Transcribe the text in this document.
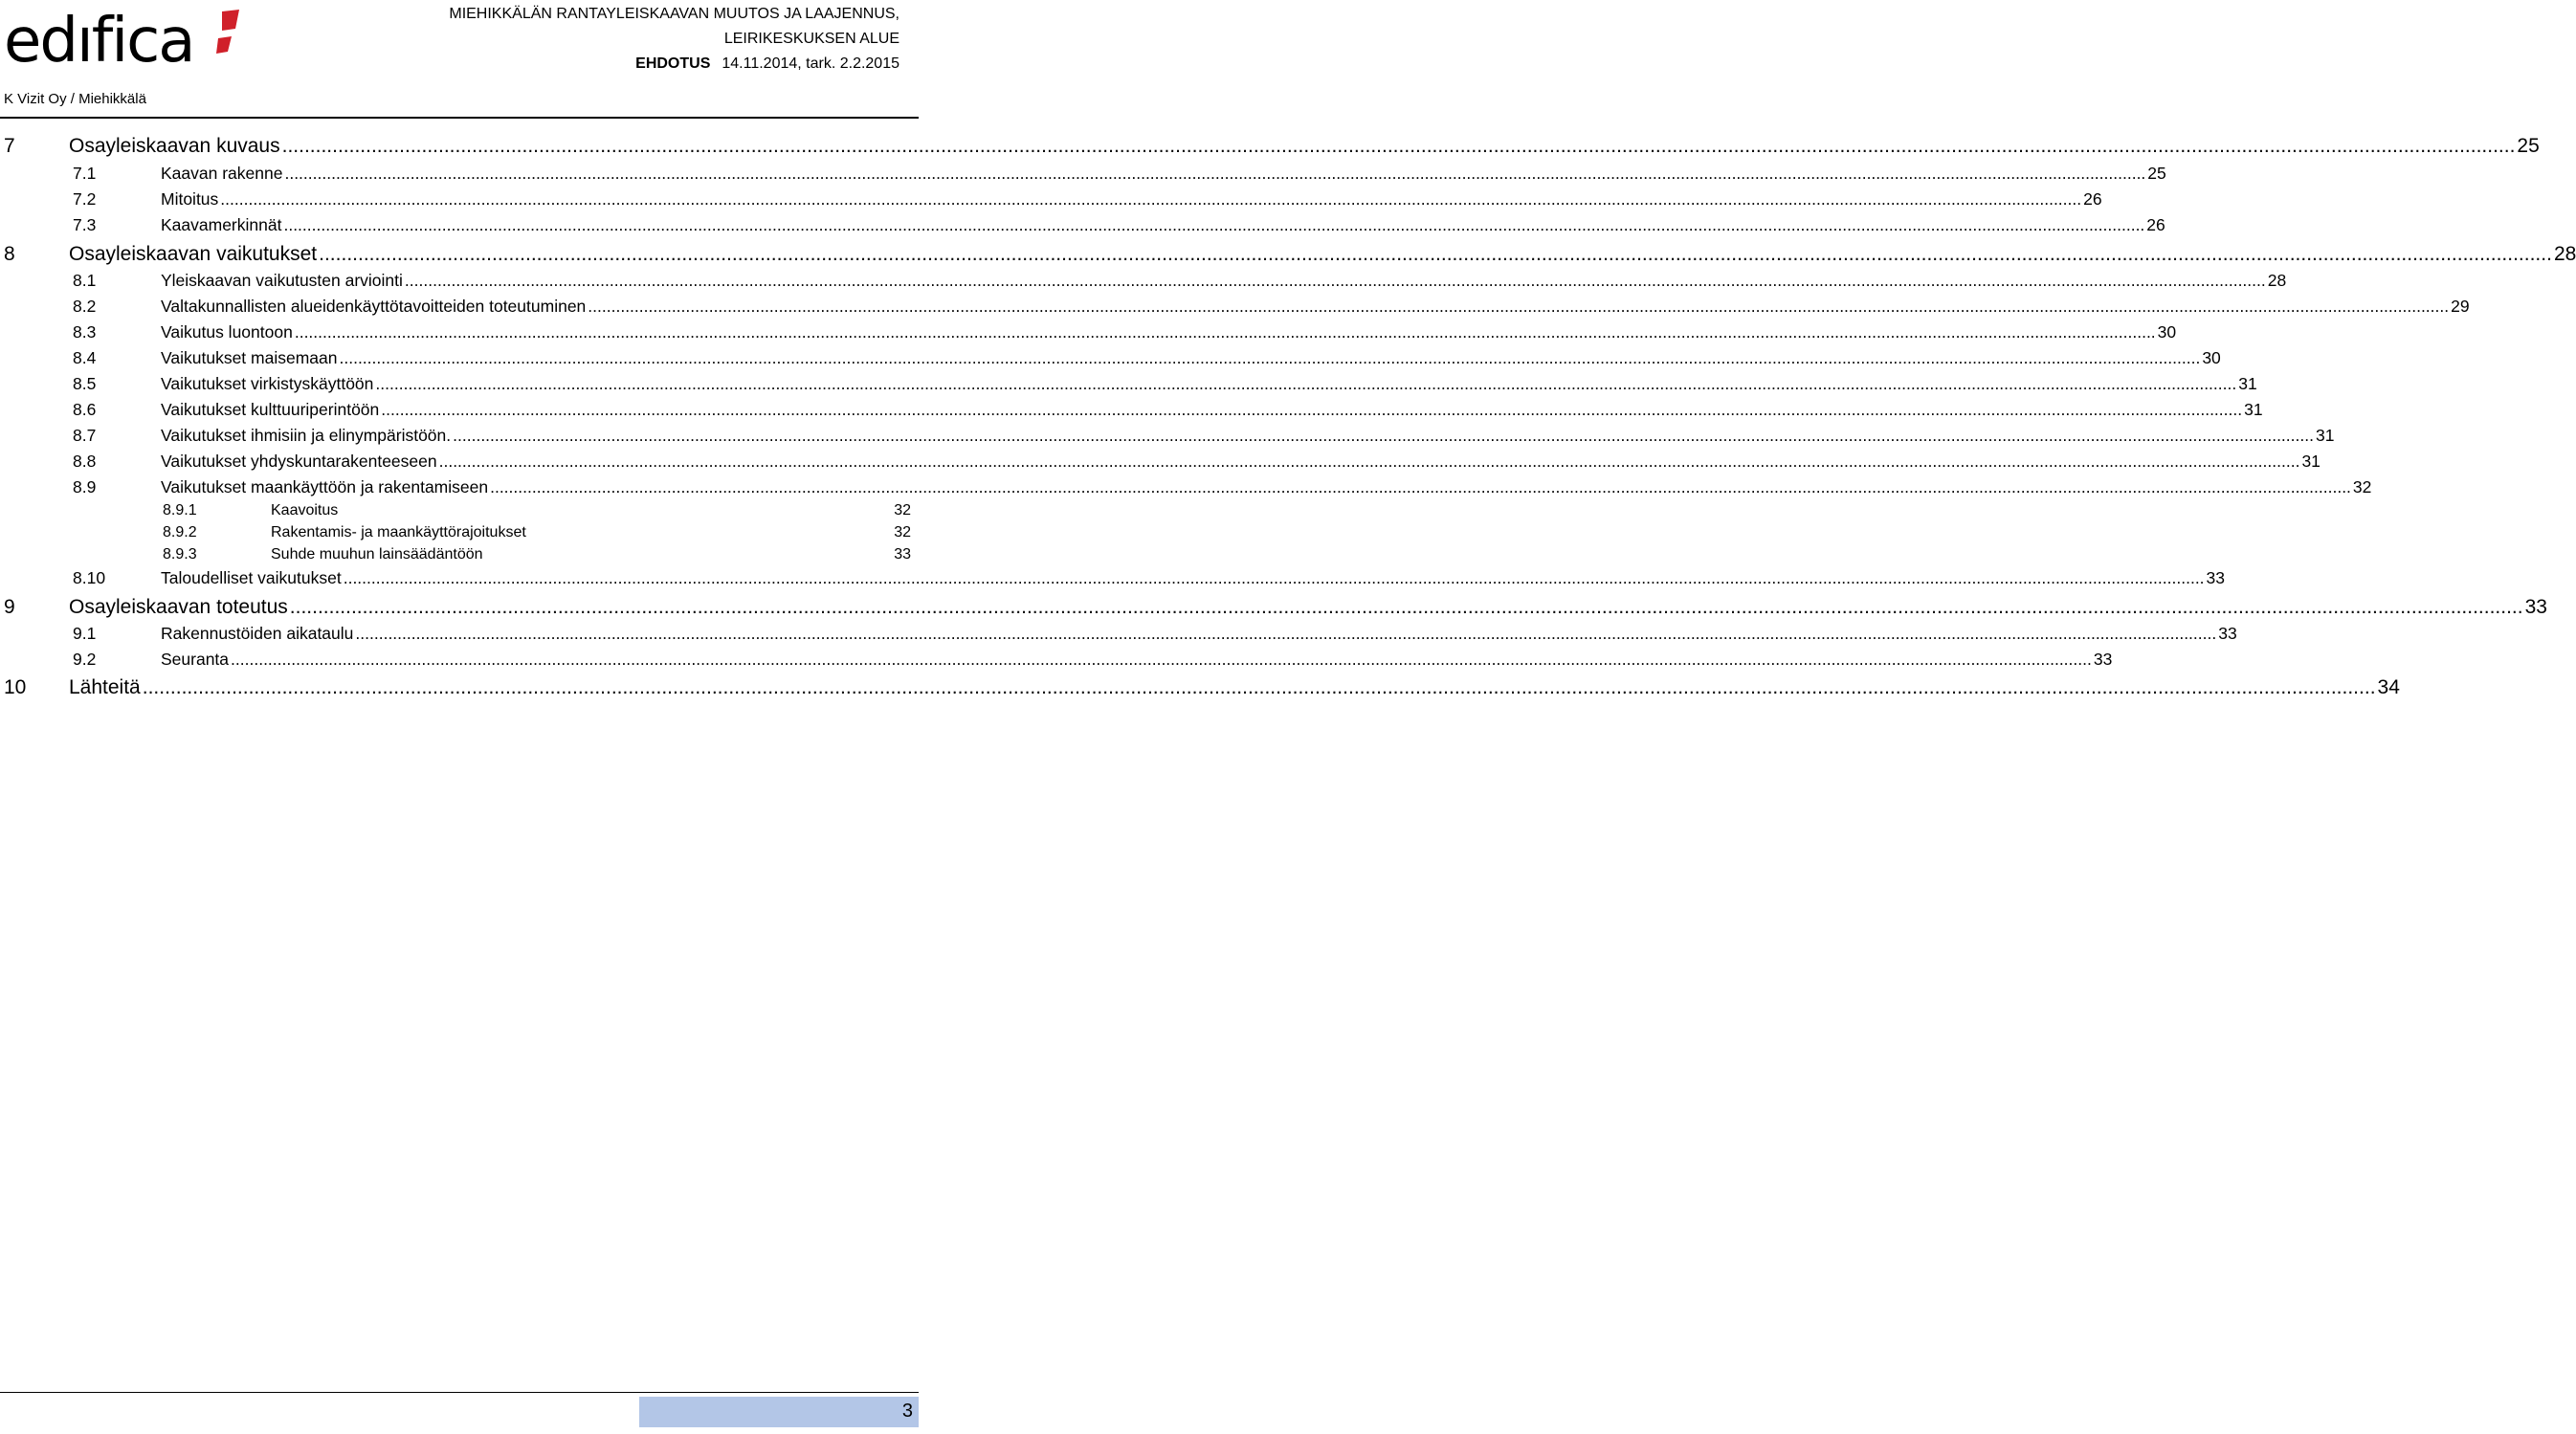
edıfica	MIEHIKKÄLÄN RANTAYLEISKAAVAN MUUTOS JA LAAJENNUS,
LEIRIKESKUKSEN ALUE
EHDOTUS 14.11.2014, tark. 2.2.2015
K Vizit Oy / Miehikkälä
7	Osayleiskaavan kuvaus ................................................................................................................................................................................................................................................................................................................................................................................................................ 25
7.1	Kaavan rakenne ................................................................................................................................................................................................................................................................................................................................................................................................................ 25
7.2	Mitoitus ................................................................................................................................................................................................................................................................................................................................................................................................................ 26
7.3	Kaavamerkinnät ................................................................................................................................................................................................................................................................................................................................................................................................................ 26
8	Osayleiskaavan vaikutukset ................................................................................................................................................................................................................................................................................................................................................................................................................ 28
8.1	Yleiskaavan vaikutusten arviointi ................................................................................................................................................................................................................................................................................................................................................................................................................ 28
8.2	Valtakunnallisten alueidenkäyttötavoitteiden toteutuminen ................................................................................................................................................................................................................................................................................................................................................................................................................ 29
8.3	Vaikutus luontoon ................................................................................................................................................................................................................................................................................................................................................................................................................ 30
8.4	Vaikutukset maisemaan ................................................................................................................................................................................................................................................................................................................................................................................................................ 30
8.5	Vaikutukset virkistyskäyttöön ................................................................................................................................................................................................................................................................................................................................................................................................................ 31
8.6	Vaikutukset kulttuuriperintöön ................................................................................................................................................................................................................................................................................................................................................................................................................ 31
8.7	Vaikutukset ihmisiin ja elinympäristöön. ................................................................................................................................................................................................................................................................................................................................................................................................................ 31
8.8	Vaikutukset yhdyskuntarakenteeseen ................................................................................................................................................................................................................................................................................................................................................................................................................ 31
8.9	Vaikutukset maankäyttöön ja rakentamiseen ................................................................................................................................................................................................................................................................................................................................................................................................................ 32
8.9.1	Kaavoitus	32
8.9.2	Rakentamis- ja maankäyttörajoitukset	32
8.9.3	Suhde muuhun lainsäädäntöön	33
8.10	Taloudelliset vaikutukset ................................................................................................................................................................................................................................................................................................................................................................................................................ 33
9	Osayleiskaavan toteutus ................................................................................................................................................................................................................................................................................................................................................................................................................ 33
9.1	Rakennustöiden aikataulu ................................................................................................................................................................................................................................................................................................................................................................................................................ 33
9.2	Seuranta ................................................................................................................................................................................................................................................................................................................................................................................................................ 33
10 Lähteitä ................................................................................................................................................................................................................................................................................................................................................................................................................ 34
3
